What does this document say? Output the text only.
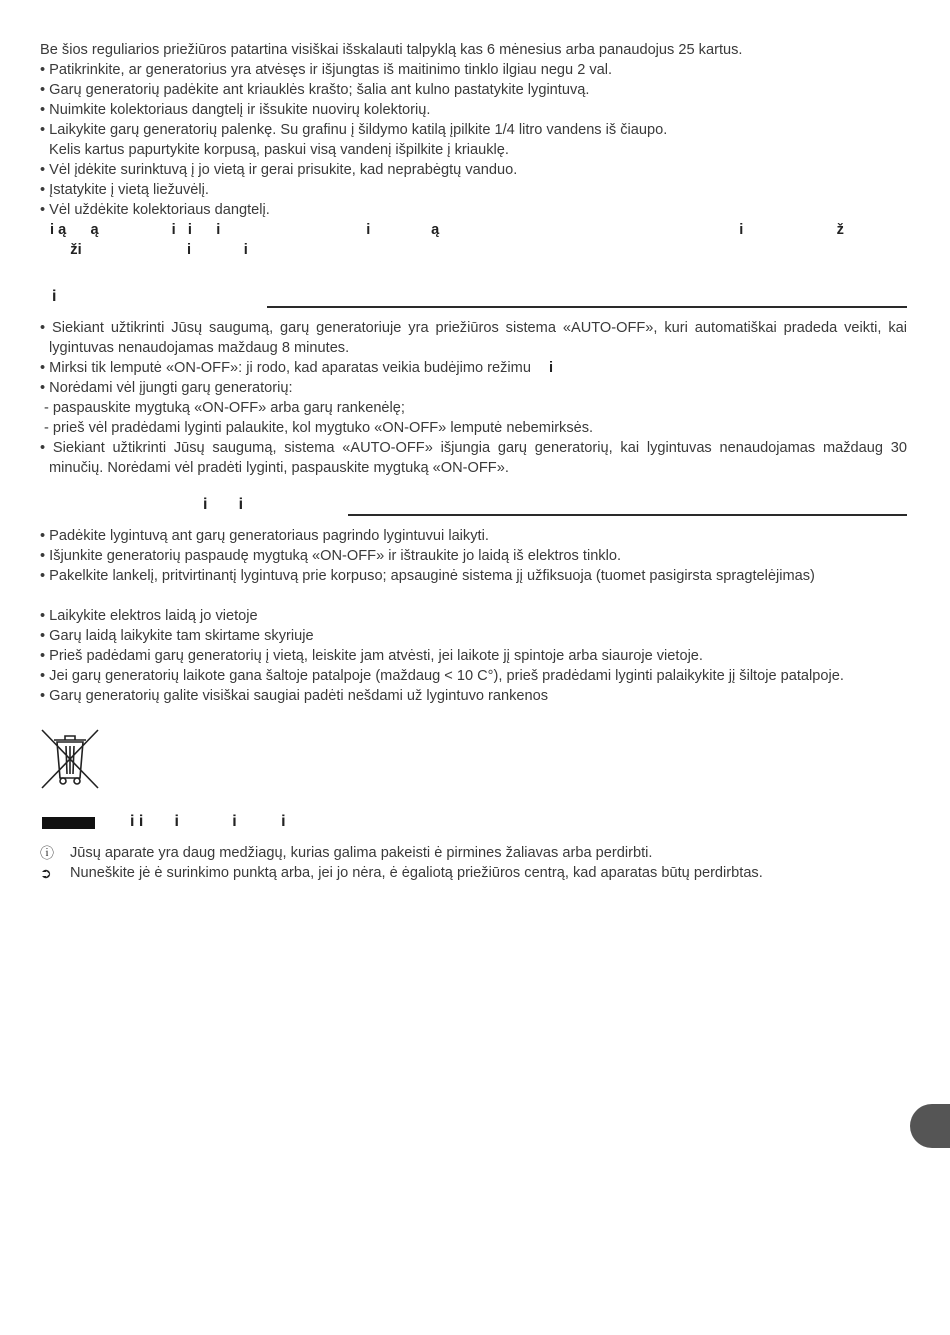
Be šios reguliarios priežiūros patartina visiškai išskalauti talpyklą kas 6 mėnesius arba panaudojus 25 kartus.

• Patikrinkite, ar generatorius yra atvėsęs ir išjungtas iš maitinimo tinklo ilgiau negu 2 val.
• Garų generatorių padėkite ant kriauklės krašto; šalia ant kulno pastatykite lygintuvą.
• Nuimkite kolektoriaus dangtelį ir išsukite nuovirų kolektorių.
• Laikykite garų generatorių palenkę. Su grafinu į šildymo katilą įpilkite 1/4 litro vandens iš čiaupo.
Kelis kartus papurtykite korpusą, paskui visą vandenį išpilkite į kriauklę.
• Vėl įdėkite surinktuvą į jo vietą ir gerai prisukite, kad neprabėgtų vanduo.
• Įstatykite į vietą liežuvėlį.
• Vėl uždėkite kolektoriaus dangtelį.
i ą      ą                  i   i      i                                    i               ą                                                                          i                       ž
ži                          i             i
i
• Siekiant užtikrinti Jūsų saugumą, garų generatoriuje yra priežiūros sistema «AUTO-OFF», kuri automatiškai pradeda veikti, kai lygintuvas nenaudojamas maždaug 8 minutes.
• Mirksi tik lemputė «ON-OFF»: ji rodo, kad aparatas veikia budėjimo režimu i
• Norėdami vėl įjungti garų generatorių:
- paspauskite mygtuką «ON-OFF» arba garų rankenėlę;
- prieš vėl pradėdami lyginti palaukite, kol mygtuko «ON-OFF» lemputė nebemirksės.
• Siekiant užtikrinti Jūsų saugumą, sistema «AUTO-OFF» išjungia garų generatorių, kai lygintuvas nenaudojamas maždaug 30 minučių. Norėdami vėl pradėti lyginti, paspauskite mygtuką «ON-OFF».
i       i
• Padėkite lygintuvą ant garų generatoriaus pagrindo lygintuvui laikyti.
• Išjunkite generatorių paspaudę mygtuką «ON-OFF» ir ištraukite jo laidą iš elektros tinklo.
• Pakelkite lankelį, pritvirtinantį lygintuvą prie korpuso; apsauginė sistema jį užfiksuoja (tuomet pasigirsta spragtelėjimas)
• Laikykite elektros laidą jo vietoje
• Garų laidą laikykite tam skirtame skyriuje
• Prieš padėdami garų generatorių į vietą, leiskite jam atvėsti, jei laikote jį spintoje arba siauroje vietoje.
• Jei garų generatorių laikote gana šaltoje patalpoje (maždaug < 10 C°), prieš pradėdami lyginti palaikykite jį šiltoje patalpoje.
• Garų generatorių galite visiškai saugiai padėti nešdami už lygintuvo rankenos
i i       i            i          i
ⓘ	Jūsų aparate yra daug medžiagų, kurias galima pakeisti ė pirmines žaliavas arba perdirbti.
➲	Nuneškite jė ė surinkimo punktą arba, jei jo nėra, ė ėgaliotą priežiūros centrą, kad aparatas būtų perdirbtas.
